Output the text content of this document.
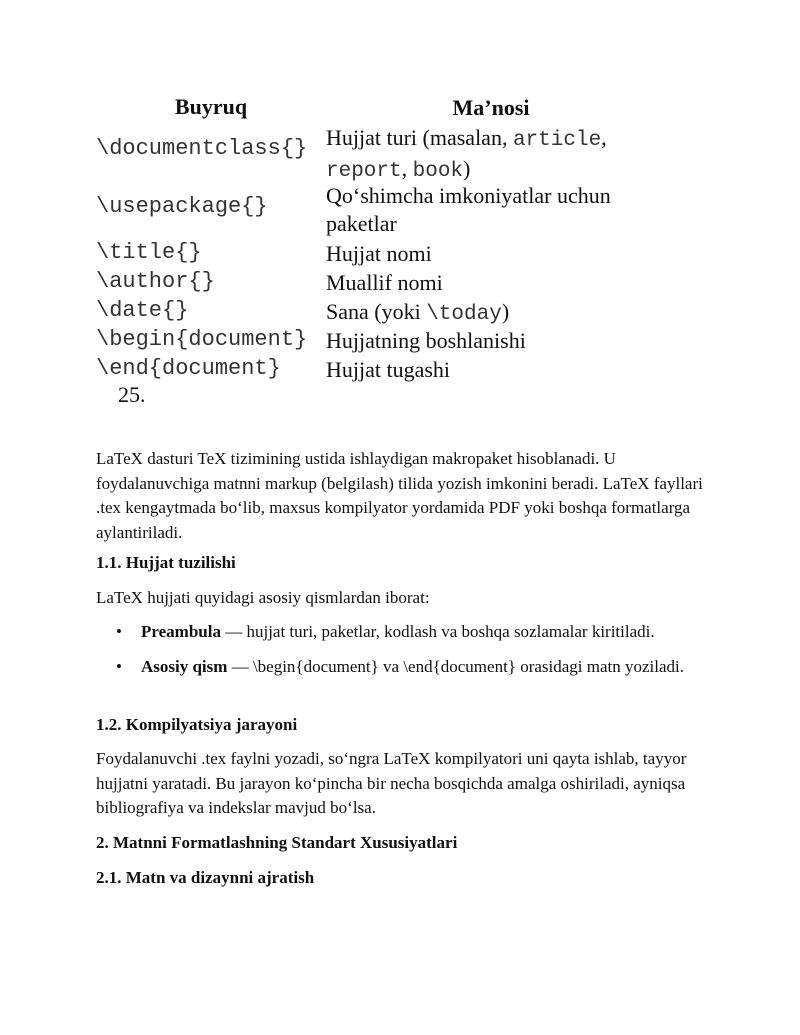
Buyruq	Ma’nosi
\documentclass{} Hujjat turi (masalan, article,
report, book)
\usepackage{}	Qo‘shimcha imkoniyatlar uchun paketlar
\title{}	Hujjat nomi
\author{}	Muallif nomi
\date{}	Sana (yoki \today)
\begin{document} Hujjatning boshlanishi
\end{document}	Hujjat tugashi
25.
LaTeX dasturi TeX tizimining ustida ishlaydigan makropaket hisoblanadi. U foydalanuvchiga matnni markup (belgilash) tilida yozish imkonini beradi. LaTeX fayllari .tex kengaytmada bo‘lib, maxsus kompilyator yordamida PDF yoki boshqa formatlarga aylantiriladi.
1.1. Hujjat tuzilishi
LaTeX hujjati quyidagi asosiy qismlardan iborat:
• Preambula — hujjat turi, paketlar, kodlash va boshqa sozlamalar kiritiladi.
• Asosiy qism — \begin{document} va \end{document} orasidagi matn yoziladi.
1.2. Kompilyatsiya jarayoni
Foydalanuvchi .tex faylni yozadi, so‘ngra LaTeX kompilyatori uni qayta ishlab, tayyor hujjatni yaratadi. Bu jarayon ko‘pincha bir necha bosqichda amalga oshiriladi, ayniqsa bibliografiya va indekslar mavjud bo‘lsa.
2. Matnni Formatlashning Standart Xususiyatlari
2.1. Matn va dizaynni ajratish
